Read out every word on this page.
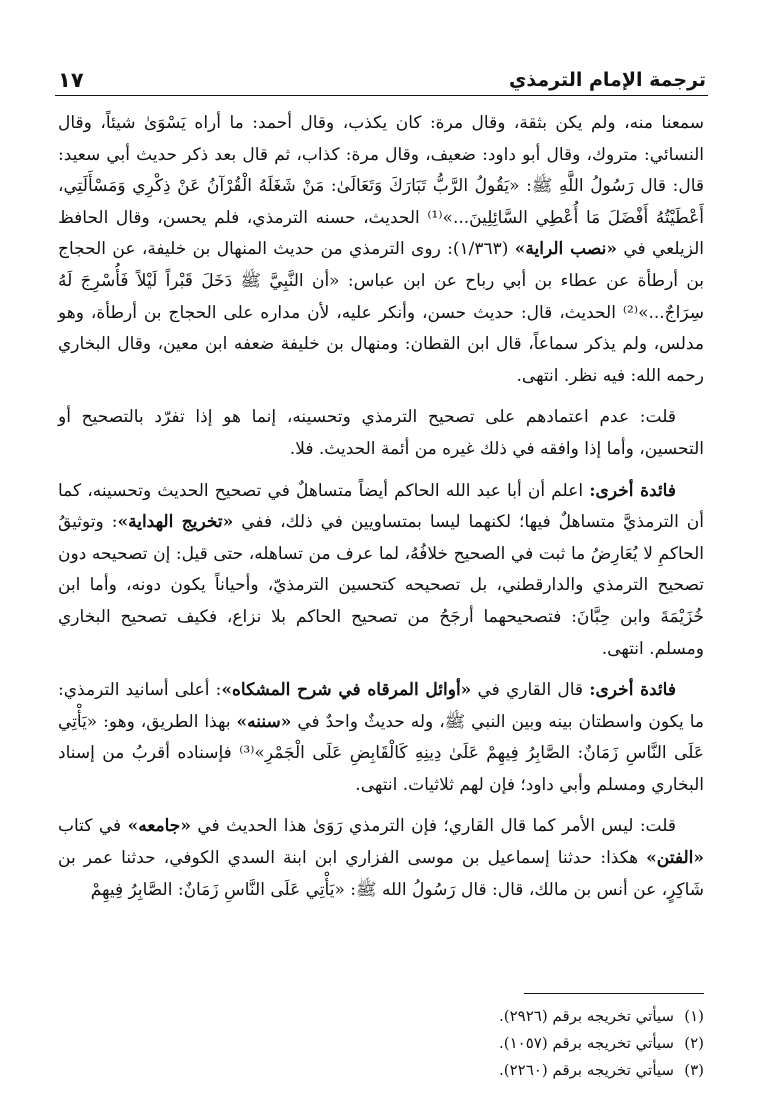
ترجمة الإمام الترمذي
١٧

سمعنا منه، ولم يكن بثقة، وقال مرة: كان يكذب، وقال أحمد: ما أراه يَسْوَىٰ شيئاً، وقال النسائي: متروك، وقال أبو داود: ضعيف، وقال مرة: كذاب، ثم قال بعد ذكر حديث أبي سعيد: قال: قال رَسُولُ اللَّهِ ﷺ: «يَقُولُ الرَّبُّ تَبَارَكَ وَتَعَالَىٰ: مَنْ شَغَلَهُ الْقُرْآنُ عَنْ ذِكْرِي وَمَسْأَلَتِي، أَعْطَيْتُهُ أَفْضَلَ مَا أُعْطِي السَّائِلِينَ...»⁽¹⁾ الحديث، حسنه الترمذي، فلم يحسن، وقال الحافظ الزيلعي في «نصب الراية» (١/٣٦٣): روى الترمذي من حديث المنهال بن خليفة، عن الحجاج بن أرطأة عن عطاء بن أبي رباح عن ابن عباس: «أن النَّبِيَّ ﷺ دَخَلَ قَبْراً لَيْلاً فَأُسْرِجَ لَهُ سِرَاجٌ...»⁽²⁾ الحديث، قال: حديث حسن، وأنكر عليه، لأن مداره على الحجاج بن أرطأة، وهو مدلس، ولم يذكر سماعاً، قال ابن القطان: ومنهال بن خليفة ضعفه ابن معين، وقال البخاري رحمه الله: فيه نظر. انتهى.

قلت: عدم اعتمادهم على تصحيح الترمذي وتحسينه، إنما هو إذا تفرّد بالتصحيح أو التحسين، وأما إذا وافقه في ذلك غيره من أئمة الحديث. فلا.

فائدة أخرى: اعلم أن أبا عبد الله الحاكم أيضاً متساهلٌ في تصحيح الحديث وتحسينه، كما أن الترمذيَّ متساهلٌ فيها؛ لكنهما ليسا بمتساويين في ذلك، ففي «تخريج الهداية»: وتوثيقُ الحاكمِ لا يُعَارِضُ ما ثبت في الصحيح خلافُهُ، لما عرف من تساهله، حتى قيل: إن تصحيحه دون تصحيح الترمذي والدارقطني، بل تصحيحه كتحسين الترمذيّ، وأحياناً يكون دونه، وأما ابن خُزَيْمَةَ وابن حِبَّانَ: فتصحيحهما أرجَحُ من تصحيح الحاكم بلا نزاع، فكيف تصحيح البخاري ومسلم. انتهى.

فائدة أخرى: قال القاري في «أوائل المرقاه في شرح المشكاه»: أعلى أسانيد الترمذي: ما يكون واسطتان بينه وبين النبي ﷺ، وله حديثٌ واحدٌ في «سننه» بهذا الطريق، وهو: «يَأْتِي عَلَى النَّاسِ زَمَانٌ: الصَّابِرُ فِيهِمْ عَلَىٰ دِينِهِ كَالْقَابِضِ عَلَى الْجَمْرِ»⁽³⁾ فإسناده أقربُ من إسناد البخاري ومسلم وأبي داود؛ فإن لهم ثلاثيات. انتهى.

قلت: ليس الأمر كما قال القاري؛ فإن الترمذي رَوَىٰ هذا الحديث في «جامعه» في كتاب «الفتن» هكذا: حدثنا إسماعيل بن موسى الفزاري ابن ابنة السدي الكوفي، حدثنا عمر بن شَاكِرٍ، عن أنس بن مالك، قال: قال رَسُولُ الله ﷺ: «يَأْتِي عَلَى النَّاسِ زَمَانٌ: الصَّابِرُ فِيهِمْ

(١)سيأتي تخريجه برقم (٢٩٢٦).
(٢)سيأتي تخريجه برقم (١٠٥٧).
(٣)سيأتي تخريجه برقم (٢٢٦٠).
